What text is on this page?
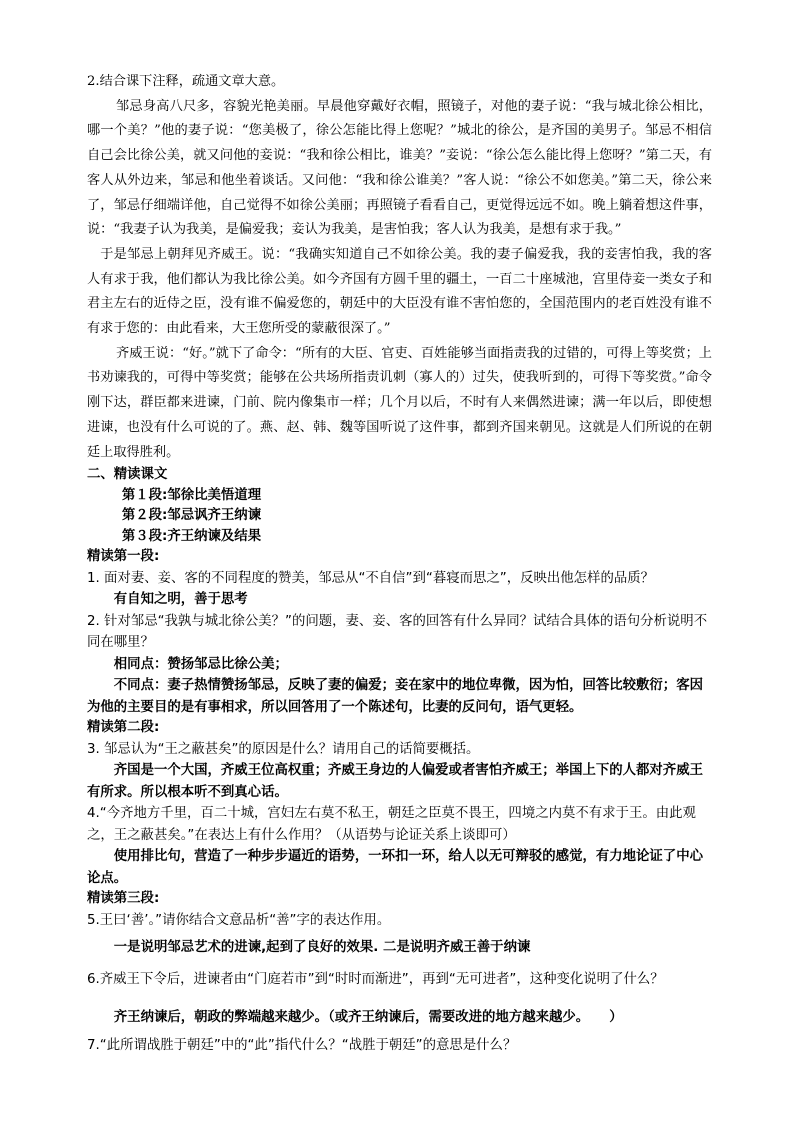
2.结合课下注释，疏通文章大意。

邹忌身高八尺多，容貌光艳美丽。早晨他穿戴好衣帽，照镜子，对他的妻子说：“我与城北徐公相比，哪一个美？”他的妻子说：“您美极了，徐公怎能比得上您呢？”城北的徐公，是齐国的美男子。邹忌不相信自己会比徐公美，就又问他的妾说：“我和徐公相比，谁美？”妾说：“徐公怎么能比得上您呀？”第二天，有客人从外边来，邹忌和他坐着谈话。又问他：“我和徐公谁美？”客人说：“徐公不如您美。”第二天，徐公来了，邹忌仔细端详他，自己觉得不如徐公美丽；再照镜子看看自己，更觉得远远不如。晚上躺着想这件事，说：“我妻子认为我美，是偏爱我；妾认为我美，是害怕我；客人认为我美，是想有求于我。”

于是邹忌上朝拜见齐威王。说：“我确实知道自己不如徐公美。我的妻子偏爱我，我的妾害怕我，我的客人有求于我，他们都认为我比徐公美。如今齐国有方圆千里的疆土，一百二十座城池，宫里侍妾一类女子和君主左右的近侍之臣，没有谁不偏爱您的，朝廷中的大臣没有谁不害怕您的，全国范围内的老百姓没有谁不有求于您的：由此看来，大王您所受的蒙蔽很深了。”

齐威王说：“好。”就下了命令：“所有的大臣、官吏、百姓能够当面指责我的过错的，可得上等奖赏；上书劝谏我的，可得中等奖赏；能够在公共场所指责讥刺（寡人的）过失，使我听到的，可得下等奖赏。”命令刚下达，群臣都来进谏，门前、院内像集市一样；几个月以后，不时有人来偶然进谏；满一年以后，即使想进谏，也没有什么可说的了。燕、赵、韩、魏等国听说了这件事，都到齐国来朝见。这就是人们所说的在朝廷上取得胜利。

二、精读课文

第１段:邹徐比美悟道理

第２段:邹忌讽齐王纳谏

第３段:齐王纳谏及结果

精读第一段:

1. 面对妻、妾、客的不同程度的赞美，邹忌从“不自信”到“暮寝而思之”，反映出他怎样的品质？

有自知之明，善于思考

2. 针对邹忌“我孰与城北徐公美？”的问题，妻、妾、客的回答有什么异同？试结合具体的语句分析说明不同在哪里？

相同点：赞扬邹忌比徐公美；

不同点：妻子热情赞扬邹忌，反映了妻的偏爱；妾在家中的地位卑微，因为怕，回答比较敷衍；客因为他的主要目的是有事相求，所以回答用了一个陈述句，比妻的反问句，语气更轻。

精读第二段:

3. 邹忌认为“王之蔽甚矣”的原因是什么？请用自己的话简要概括。

齐国是一个大国，齐威王位高权重；齐威王身边的人偏爱或者害怕齐威王；举国上下的人都对齐威王有所求。所以根本听不到真心话。

4.“今齐地方千里，百二十城，宫妇左右莫不私王，朝廷之臣莫不畏王，四境之内莫不有求于王。由此观之，王之蔽甚矣。”在表达上有什么作用？（从语势与论证关系上谈即可）

使用排比句，营造了一种步步逼近的语势，一环扣一环，给人以无可辩驳的感觉，有力地论证了中心论点。

精读第三段:

5.王曰‘善’。”请你结合文意品析“善”字的表达作用。

一是说明邹忌艺术的进谏,起到了良好的效果. 二是说明齐威王善于纳谏

6.齐威王下令后，进谏者由“门庭若市”到“时时而渐进”，再到“无可进者”，这种变化说明了什么？

齐王纳谏后，朝政的弊端越来越少。（或齐王纳谏后，需要改进的地方越来越少。　　）

7.“此所谓战胜于朝廷”中的“此”指代什么？“战胜于朝廷”的意思是什么？
